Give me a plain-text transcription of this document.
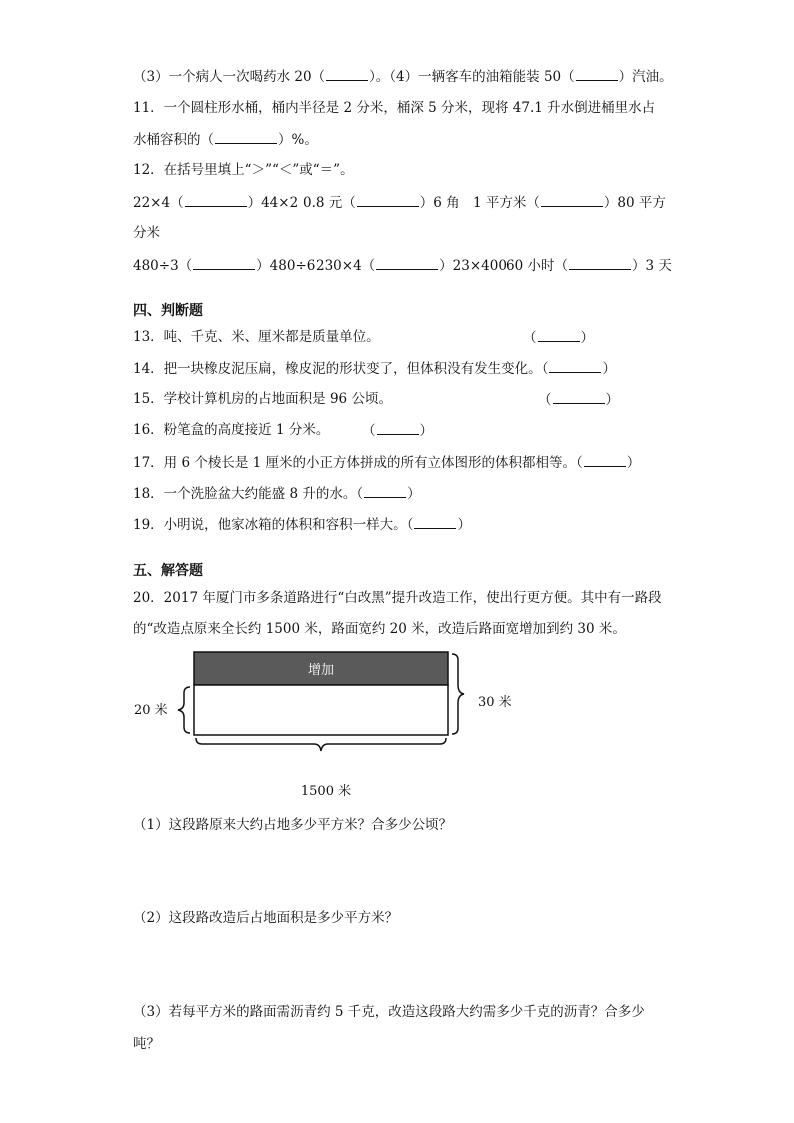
（3）一个病人一次喝药水 20（	）。（4）一辆客车的油箱能装 50（	）汽油。
11．一个圆柱形水桶，桶内半径是 2 分米，桶深 5 分米，现将 47.1 升水倒进桶里水占
水桶容积的（	）%。
12．在括号里填上“＞”“＜”或“＝”。
22×4（	）44×2 0.8 元（	）6 角 1 平方米（	）80 平方
分米
480÷3（	）480÷6 230×4（	）23×400 60 小时（	）3 天
四、判断题
13．吨、千克、米、厘米都是质量单位。	（	）
14．把一块橡皮泥压扁，橡皮泥的形状变了，但体积没有发生变化。（	）
15．学校计算机房的占地面积是 96 公顷。	（	）
16．粉笔盒的高度接近 1 分米。 （	）
17．用 6 个棱长是 1 厘米的小正方体拼成的所有立体图形的体积都相等。（	）
18．一个洗脸盆大约能盛 8 升的水。（	）
19．小明说，他家冰箱的体积和容积一样大。（	）
五、解答题
20．2017 年厦门市多条道路进行“白改黑”提升改造工作，使出行更方便。其中有一路段
的“改造点原来全长约 1500 米，路面宽约 20 米，改造后路面宽增加到约 30 米。
增加
20 米
30 米
1500 米
（1）这段路原来大约占地多少平方米？合多少公顷？
（2）这段路改造后占地面积是多少平方米？
（3）若每平方米的路面需沥青约 5 千克，改造这段路大约需多少千克的沥青？合多少
吨？
